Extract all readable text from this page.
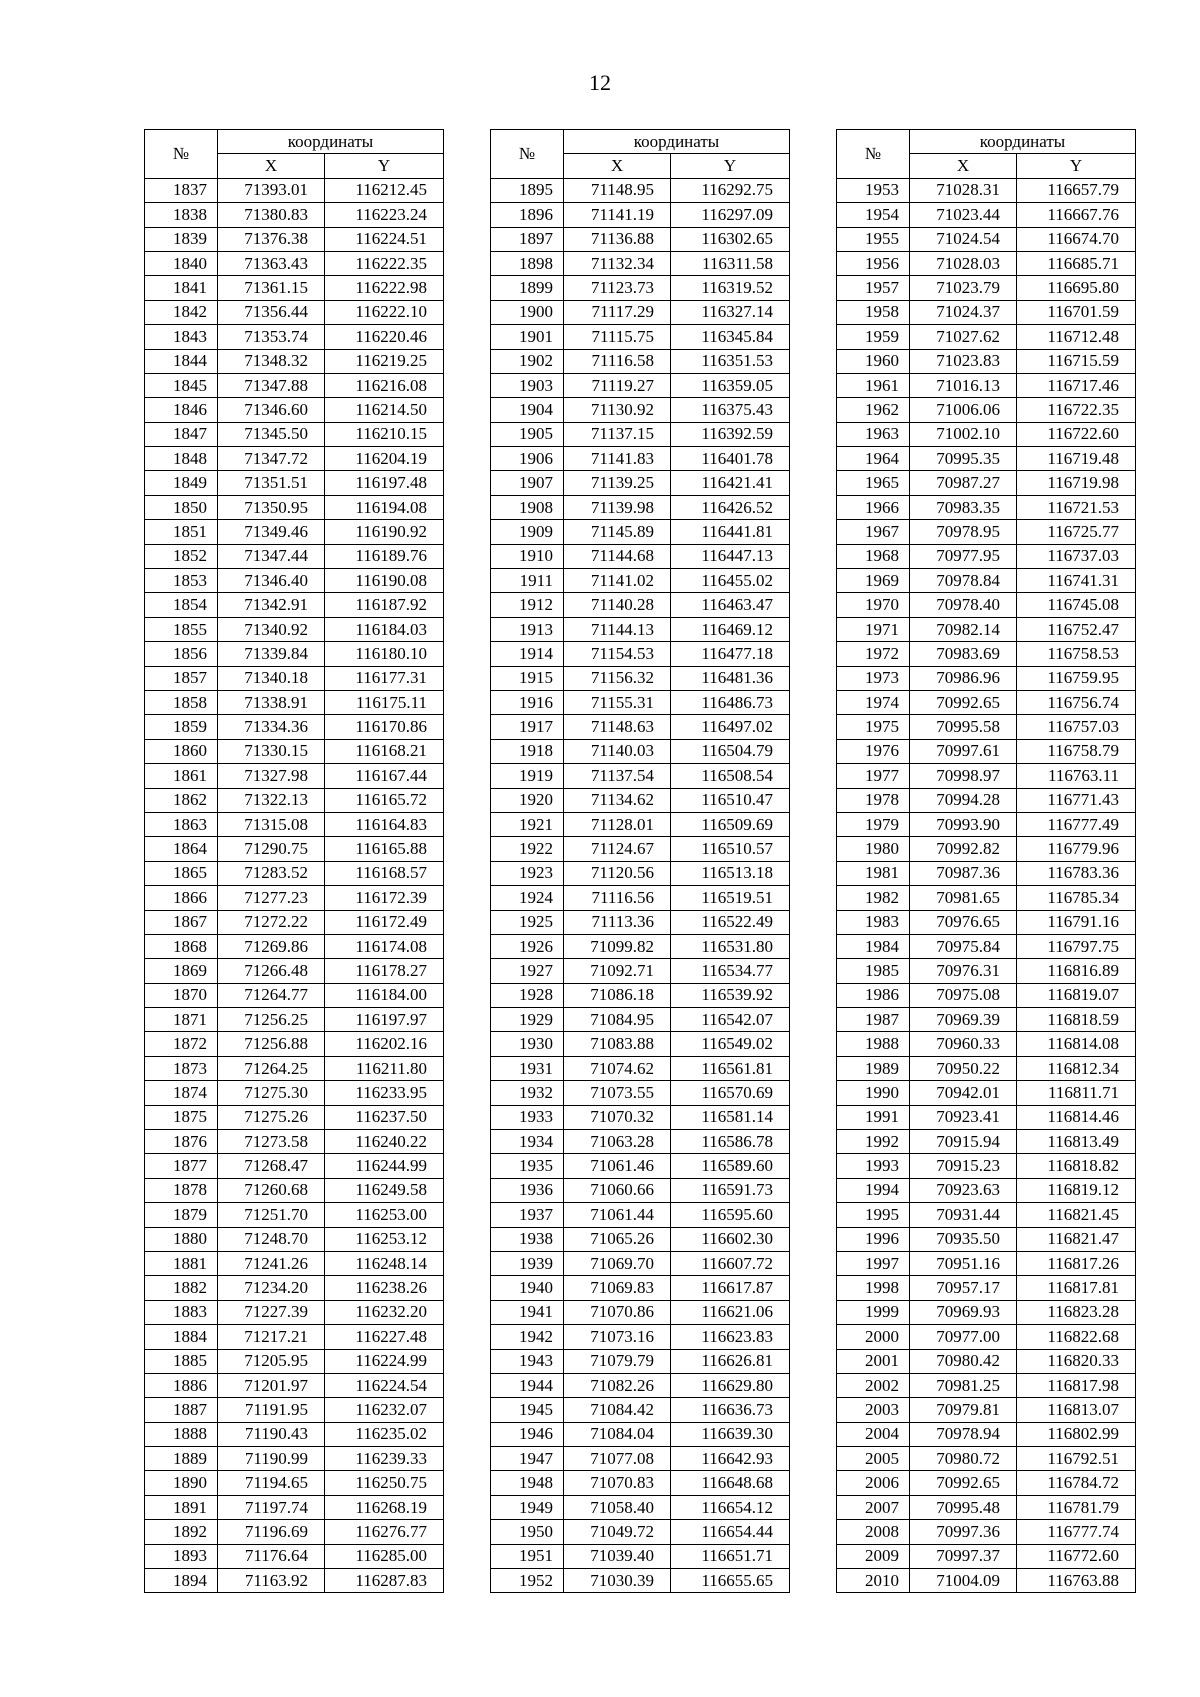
12
№	координаты	
	X	Y
1837	71393.01	116212.45
1838	71380.83	116223.24
1839	71376.38	116224.51
1840	71363.43	116222.35
1841	71361.15	116222.98
1842	71356.44	116222.10
1843	71353.74	116220.46
1844	71348.32	116219.25
1845	71347.88	116216.08
1846	71346.60	116214.50
1847	71345.50	116210.15
1848	71347.72	116204.19
1849	71351.51	116197.48
1850	71350.95	116194.08
1851	71349.46	116190.92
1852	71347.44	116189.76
1853	71346.40	116190.08
1854	71342.91	116187.92
1855	71340.92	116184.03
1856	71339.84	116180.10
1857	71340.18	116177.31
1858	71338.91	116175.11
1859	71334.36	116170.86
1860	71330.15	116168.21
1861	71327.98	116167.44
1862	71322.13	116165.72
1863	71315.08	116164.83
1864	71290.75	116165.88
1865	71283.52	116168.57
1866	71277.23	116172.39
1867	71272.22	116172.49
1868	71269.86	116174.08
1869	71266.48	116178.27
1870	71264.77	116184.00
1871	71256.25	116197.97
1872	71256.88	116202.16
1873	71264.25	116211.80
1874	71275.30	116233.95
1875	71275.26	116237.50
1876	71273.58	116240.22
1877	71268.47	116244.99
1878	71260.68	116249.58
1879	71251.70	116253.00
1880	71248.70	116253.12
1881	71241.26	116248.14
1882	71234.20	116238.26
1883	71227.39	116232.20
1884	71217.21	116227.48
1885	71205.95	116224.99
1886	71201.97	116224.54
1887	71191.95	116232.07
1888	71190.43	116235.02
1889	71190.99	116239.33
1890	71194.65	116250.75
1891	71197.74	116268.19
1892	71196.69	116276.77
1893	71176.64	116285.00
1894	71163.92	116287.83
№	координаты	
	X	Y
1895	71148.95	116292.75
1896	71141.19	116297.09
1897	71136.88	116302.65
1898	71132.34	116311.58
1899	71123.73	116319.52
1900	71117.29	116327.14
1901	71115.75	116345.84
1902	71116.58	116351.53
1903	71119.27	116359.05
1904	71130.92	116375.43
1905	71137.15	116392.59
1906	71141.83	116401.78
1907	71139.25	116421.41
1908	71139.98	116426.52
1909	71145.89	116441.81
1910	71144.68	116447.13
1911	71141.02	116455.02
1912	71140.28	116463.47
1913	71144.13	116469.12
1914	71154.53	116477.18
1915	71156.32	116481.36
1916	71155.31	116486.73
1917	71148.63	116497.02
1918	71140.03	116504.79
1919	71137.54	116508.54
1920	71134.62	116510.47
1921	71128.01	116509.69
1922	71124.67	116510.57
1923	71120.56	116513.18
1924	71116.56	116519.51
1925	71113.36	116522.49
1926	71099.82	116531.80
1927	71092.71	116534.77
1928	71086.18	116539.92
1929	71084.95	116542.07
1930	71083.88	116549.02
1931	71074.62	116561.81
1932	71073.55	116570.69
1933	71070.32	116581.14
1934	71063.28	116586.78
1935	71061.46	116589.60
1936	71060.66	116591.73
1937	71061.44	116595.60
1938	71065.26	116602.30
1939	71069.70	116607.72
1940	71069.83	116617.87
1941	71070.86	116621.06
1942	71073.16	116623.83
1943	71079.79	116626.81
1944	71082.26	116629.80
1945	71084.42	116636.73
1946	71084.04	116639.30
1947	71077.08	116642.93
1948	71070.83	116648.68
1949	71058.40	116654.12
1950	71049.72	116654.44
1951	71039.40	116651.71
1952	71030.39	116655.65
№	координаты	
	X	Y
1953	71028.31	116657.79
1954	71023.44	116667.76
1955	71024.54	116674.70
1956	71028.03	116685.71
1957	71023.79	116695.80
1958	71024.37	116701.59
1959	71027.62	116712.48
1960	71023.83	116715.59
1961	71016.13	116717.46
1962	71006.06	116722.35
1963	71002.10	116722.60
1964	70995.35	116719.48
1965	70987.27	116719.98
1966	70983.35	116721.53
1967	70978.95	116725.77
1968	70977.95	116737.03
1969	70978.84	116741.31
1970	70978.40	116745.08
1971	70982.14	116752.47
1972	70983.69	116758.53
1973	70986.96	116759.95
1974	70992.65	116756.74
1975	70995.58	116757.03
1976	70997.61	116758.79
1977	70998.97	116763.11
1978	70994.28	116771.43
1979	70993.90	116777.49
1980	70992.82	116779.96
1981	70987.36	116783.36
1982	70981.65	116785.34
1983	70976.65	116791.16
1984	70975.84	116797.75
1985	70976.31	116816.89
1986	70975.08	116819.07
1987	70969.39	116818.59
1988	70960.33	116814.08
1989	70950.22	116812.34
1990	70942.01	116811.71
1991	70923.41	116814.46
1992	70915.94	116813.49
1993	70915.23	116818.82
1994	70923.63	116819.12
1995	70931.44	116821.45
1996	70935.50	116821.47
1997	70951.16	116817.26
1998	70957.17	116817.81
1999	70969.93	116823.28
2000	70977.00	116822.68
2001	70980.42	116820.33
2002	70981.25	116817.98
2003	70979.81	116813.07
2004	70978.94	116802.99
2005	70980.72	116792.51
2006	70992.65	116784.72
2007	70995.48	116781.79
2008	70997.36	116777.74
2009	70997.37	116772.60
2010	71004.09	116763.88
